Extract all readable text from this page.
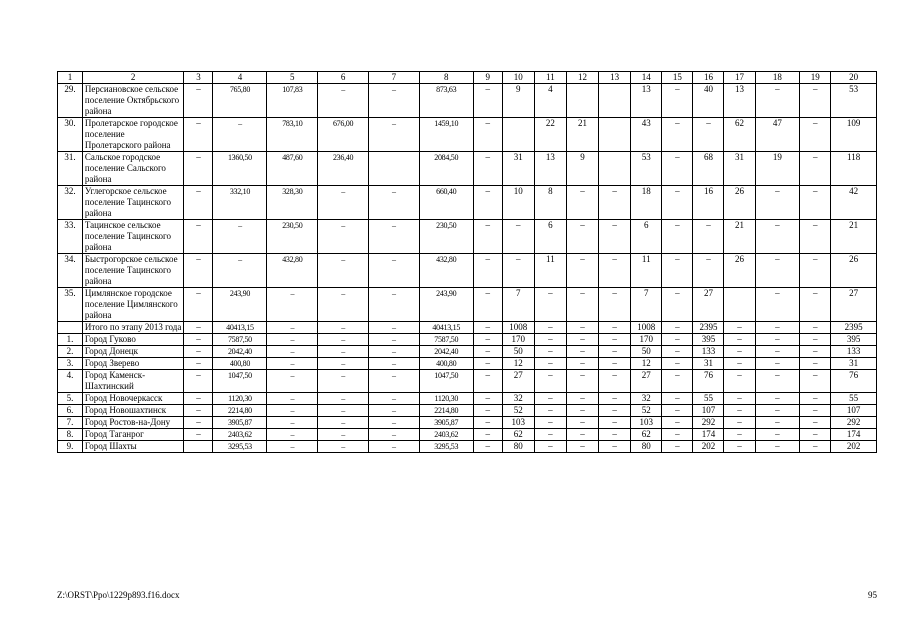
1	2	3	4	5	6	7	8	9	10	11	12	13	14	15	16	17	18	19	20
29.	Персиановское сельское поселение Октябрьского района	–	765,80	107,83	–	–	873,63	–	9	4			13	–	40	13	–	–	53
30.	Пролетарское городское поселение Пролетарского района	–	–	783,10	676,00	–	1459,10	–		22	21		43	–	–	62	47	–	109
31.	Сальское городское поселение Сальского района	–	1360,50	487,60	236,40		2084,50	–	31	13	9		53	–	68	31	19	–	118
32.	Углегорское сельское поселение Тацинского района	–	332,10	328,30	–	–	660,40	–	10	8	–	–	18	–	16	26	–	–	42
33.	Тацинское сельское поселение Тацинского района	–	–	230,50	–	–	230,50	–	–	6	–	–	6	–	–	21	–	–	21
34.	Быстрогорское сельское поселение Тацинского района	–	–	432,80	–	–	432,80	–	–	11	–	–	11	–	–	26	–	–	26
35.	Цимлянское городское поселение Цимлянского района	–	243,90	–	–	–	243,90	–	7	–	–	–	7	–	27		–	–	27
	Итого по этапу 2013 года	–	40413,15	–	–	–	40413,15	–	1008	–	–	–	1008	–	2395	–	–	–	2395
1.	Город Гуково	–	7587,50	–	–	–	7587,50	–	170	–	–	–	170	–	395	–	–	–	395
2.	Город Донецк	–	2042,40	–	–	–	2042,40	–	50	–	–	–	50	–	133	–	–	–	133
3.	Город Зверево	–	400,80	–	–	–	400,80	–	12	–	–	–	12	–	31	–	–	–	31
4.	Город Каменск-Шахтинский	–	1047,50	–	–	–	1047,50	–	27	–	–	–	27	–	76	–	–	–	76
5.	Город Новочеркасск	–	1120,30	–	–	–	1120,30	–	32	–	–	–	32	–	55	–	–	–	55
6.	Город Новошахтинск	–	2214,80	–	–	–	2214,80	–	52	–	–	–	52	–	107	–	–	–	107
7.	Город Ростов-на-Дону	–	3905,87	–	–	–	3905,87	–	103	–	–	–	103	–	292	–	–	–	292
8.	Город Таганрог	–	2403,62	–	–	–	2403,62	–	62	–	–	–	62	–	174	–	–	–	174
9.	Город Шахты		3295,53	–	–	–	3295,53	–	80	–	–	–	80	–	202	–	–	–	202
Z:\ORST\Ppo\1229p893.f16.docx	95
